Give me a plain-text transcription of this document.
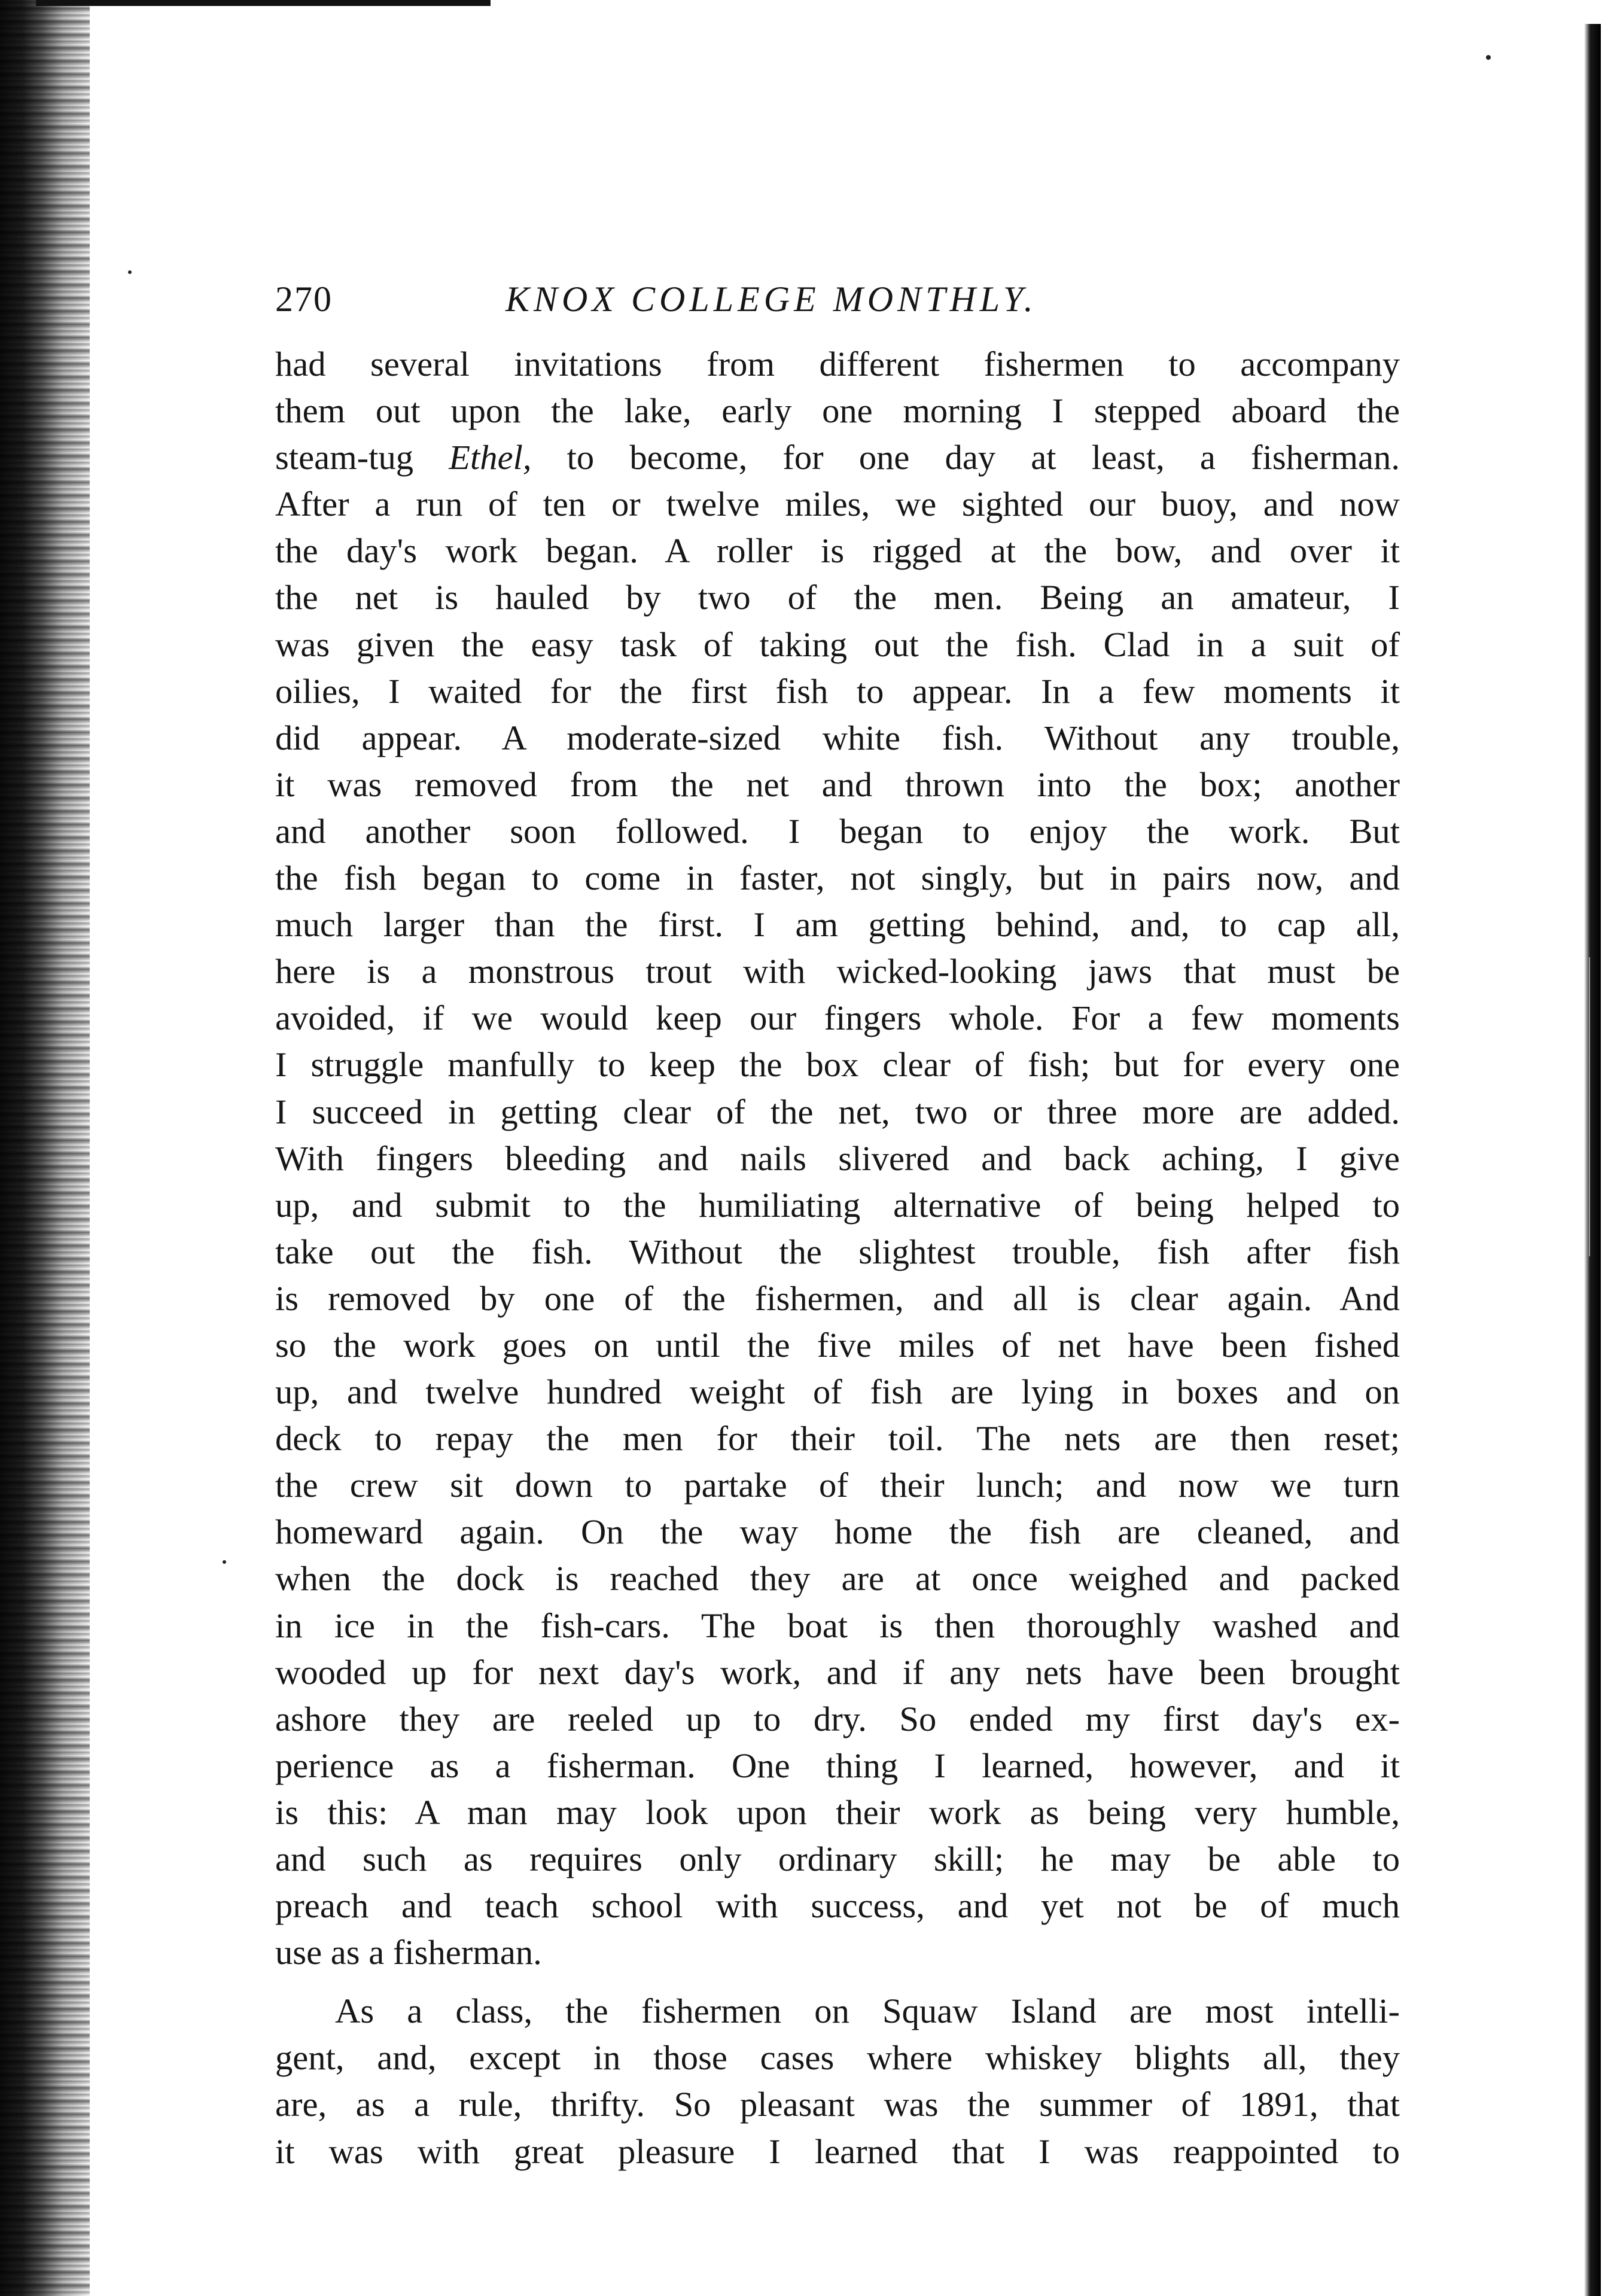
270	KNOX COLLEGE MONTHLY.
had several invitations from different fishermen to accompany
them out upon the lake, early one morning I stepped aboard the
steam-tug Ethel, to become, for one day at least, a fisherman.
After a run of ten or twelve miles, we sighted our buoy, and now
the day's work began. A roller is rigged at the bow, and over it
the net is hauled by two of the men. Being an amateur, I
was given the easy task of taking out the fish. Clad in a suit of
oilies, I waited for the first fish to appear. In a few moments it
did appear. A moderate-sized white fish. Without any trouble,
it was removed from the net and thrown into the box; another
and another soon followed. I began to enjoy the work. But
the fish began to come in faster, not singly, but in pairs now, and
much larger than the first. I am getting behind, and, to cap all,
here is a monstrous trout with wicked-looking jaws that must be
avoided, if we would keep our fingers whole. For a few moments
I struggle manfully to keep the box clear of fish; but for every one
I succeed in getting clear of the net, two or three more are added.
With fingers bleeding and nails slivered and back aching, I give
up, and submit to the humiliating alternative of being helped to
take out the fish. Without the slightest trouble, fish after fish
is removed by one of the fishermen, and all is clear again. And
so the work goes on until the five miles of net have been fished
up, and twelve hundred weight of fish are lying in boxes and on
deck to repay the men for their toil. The nets are then reset;
the crew sit down to partake of their lunch; and now we turn
homeward again. On the way home the fish are cleaned, and
when the dock is reached they are at once weighed and packed
in ice in the fish-cars. The boat is then thoroughly washed and
wooded up for next day's work, and if any nets have been brought
ashore they are reeled up to dry. So ended my first day's ex-
perience as a fisherman. One thing I learned, however, and it
is this: A man may look upon their work as being very humble,
and such as requires only ordinary skill; he may be able to
preach and teach school with success, and yet not be of much
use as a fisherman.
As a class, the fishermen on Squaw Island are most intelli-
gent, and, except in those cases where whiskey blights all, they
are, as a rule, thrifty. So pleasant was the summer of 1891, that
it was with great pleasure I learned that I was reappointed to
